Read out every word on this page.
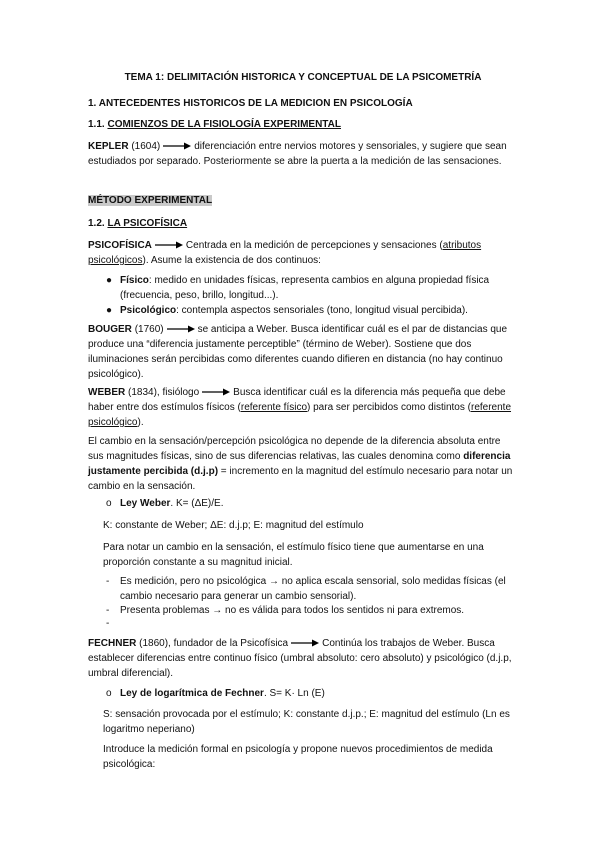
TEMA 1: DELIMITACIÓN HISTORICA Y CONCEPTUAL DE LA PSICOMETRÍA

1. ANTECEDENTES HISTORICOS DE LA MEDICION EN PSICOLOGÍA

1.1. COMIENZOS DE LA FISIOLOGÍA EXPERIMENTAL

KEPLER (1604)	diferenciación entre nervios motores y sensoriales, y sugiere que sean estudiados por separado. Posteriormente se abre la puerta a la medición de las sensaciones.

MÉTODO EXPERIMENTAL

1.2. LA PSICOFÍSICA

PSICOFÍSICA	Centrada en la medición de percepciones y sensaciones (atributos psicológicos). Asume la existencia de dos continuos:

● Físico: medido en unidades físicas, representa cambios en alguna propiedad física (frecuencia, peso, brillo, longitud...).
● Psicológico: contempla aspectos sensoriales (tono, longitud visual percibida).

BOUGER (1760)	se anticipa a Weber. Busca identificar cuál es el par de distancias que produce una “diferencia justamente perceptible” (término de Weber). Sostiene que dos iluminaciones serán percibidas como diferentes cuando difieren en distancia (no hay continuo psicológico).

WEBER (1834), fisiólogo	Busca identificar cuál es la diferencia más pequeña que debe haber entre dos estímulos físicos (referente físico) para ser percibidos como distintos (referente psicológico).

El cambio en la sensación/percepción psicológica no depende de la diferencia absoluta entre sus magnitudes físicas, sino de sus diferencias relativas, las cuales denomina como diferencia justamente percibida (d.j.p) = incremento en la magnitud del estímulo necesario para notar un cambio en la sensación.

o Ley Weber. K= (ΔE)/E.

K: constante de Weber; ΔE: d.j.p; E: magnitud del estímulo

Para notar un cambio en la sensación, el estímulo físico tiene que aumentarse en una proporción constante a su magnitud inicial.

- Es medición, pero no psicológica → no aplica escala sensorial, solo medidas físicas (el cambio necesario para generar un cambio sensorial).
- Presenta problemas → no es válida para todos los sentidos ni para extremos.
-

FECHNER (1860), fundador de la Psicofísica	Continúa los trabajos de Weber. Busca establecer diferencias entre continuo físico (umbral absoluto: cero absoluto) y psicológico (d.j.p, umbral diferencial).

o Ley de logarítmica de Fechner. S= K· Ln (E)

S: sensación provocada por el estímulo; K: constante d.j.p.; E: magnitud del estímulo (Ln es logaritmo neperiano)

Introduce la medición formal en psicología y propone nuevos procedimientos de medida psicológica:
